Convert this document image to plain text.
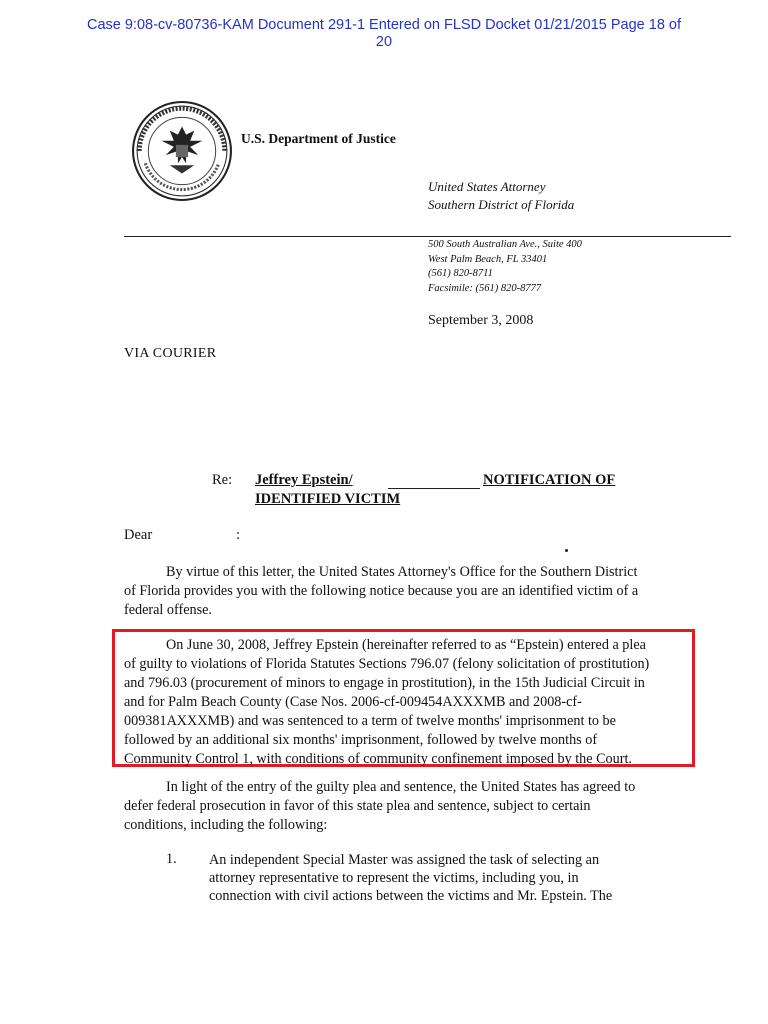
Case 9:08-cv-80736-KAM Document 291-1 Entered on FLSD Docket 01/21/2015 Page 18 of
20
U.S. Department of Justice
United States Attorney
Southern District of Florida
500 South Australian Ave., Suite 400
West Palm Beach, FL 33401
(561) 820-8711
Facsimile: (561) 820-8777
September 3, 2008
VIA COURIER
Re: Jeffrey Epstein/	NOTIFICATION OF
IDENTIFIED VICTIM
Dear	:
By virtue of this letter, the United States Attorney's Office for the Southern District
of Florida provides you with the following notice because you are an identified victim of a
federal offense.
On June 30, 2008, Jeffrey Epstein (hereinafter referred to as “Epstein) entered a plea
of guilty to violations of Florida Statutes Sections 796.07 (felony solicitation of prostitution)
and 796.03 (procurement of minors to engage in prostitution), in the 15th Judicial Circuit in
and for Palm Beach County (Case Nos. 2006-cf-009454AXXXMB and 2008-cf-
009381AXXXMB) and was sentenced to a term of twelve months' imprisonment to be
followed by an additional six months' imprisonment, followed by twelve months of
Community Control 1, with conditions of community confinement imposed by the Court.
In light of the entry of the guilty plea and sentence, the United States has agreed to
defer federal prosecution in favor of this state plea and sentence, subject to certain
conditions, including the following:
1. An independent Special Master was assigned the task of selecting an
attorney representative to represent the victims, including you, in
connection with civil actions between the victims and Mr. Epstein. The
